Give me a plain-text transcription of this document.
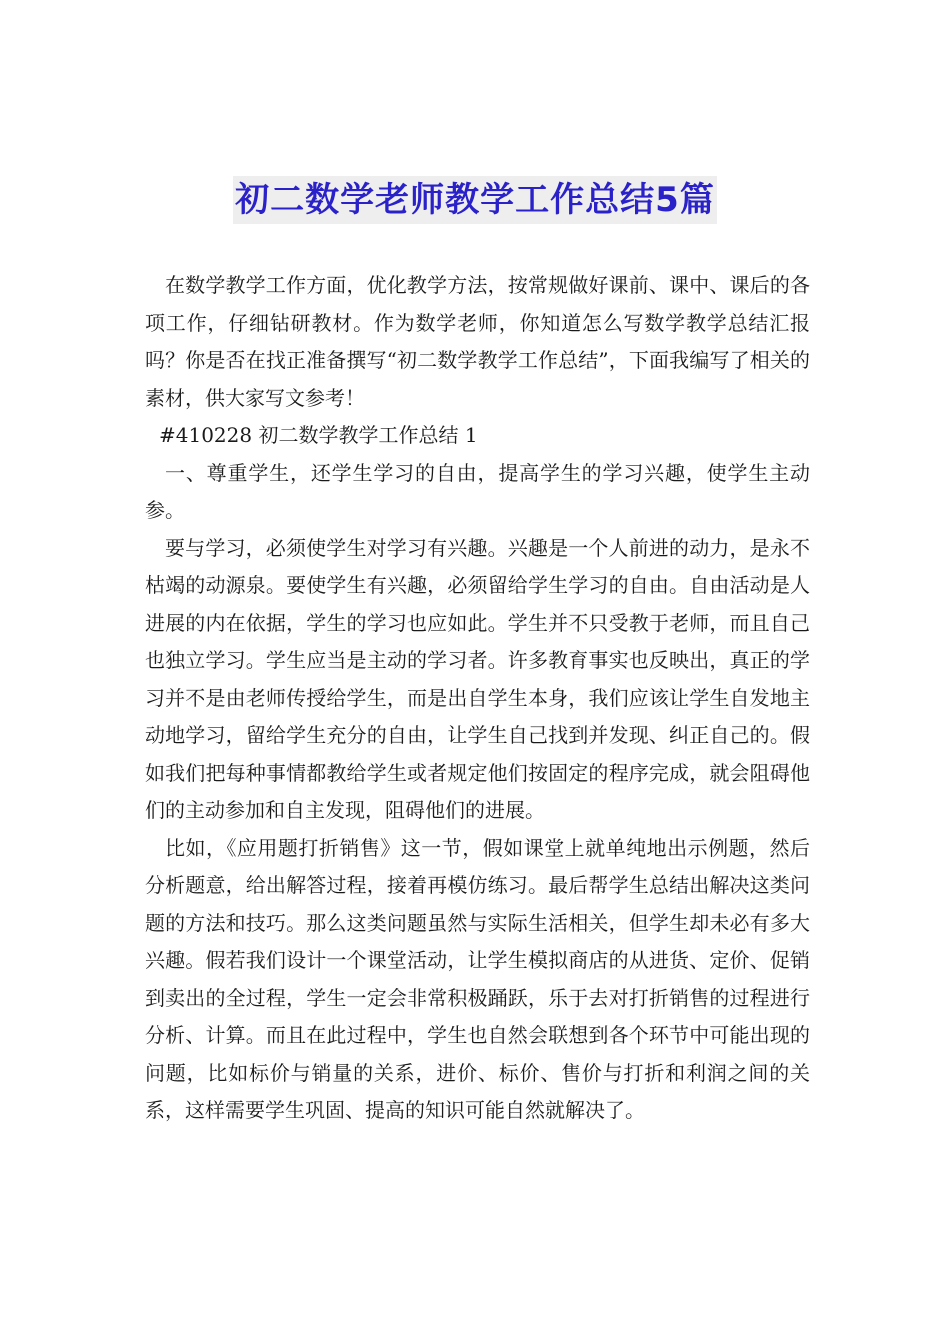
初二数学老师教学工作总结5篇

在数学教学工作方面，优化教学方法，按常规做好课前、课中、课后的各项工作，仔细钻研教材。作为数学老师，你知道怎么写数学教学总结汇报吗？你是否在找正准备撰写“初二数学教学工作总结”，下面我编写了相关的素材，供大家写文参考！

#410228 初二数学教学工作总结 1

一、尊重学生，还学生学习的自由，提高学生的学习兴趣，使学生主动参。

要与学习，必须使学生对学习有兴趣。兴趣是一个人前进的动力，是永不枯竭的动源泉。要使学生有兴趣，必须留给学生学习的自由。自由活动是人进展的内在依据，学生的学习也应如此。学生并不只受教于老师，而且自己也独立学习。学生应当是主动的学习者。许多教育事实也反映出，真正的学习并不是由老师传授给学生，而是出自学生本身，我们应该让学生自发地主动地学习，留给学生充分的自由，让学生自己找到并发现、纠正自己的。假如我们把每种事情都教给学生或者规定他们按固定的程序完成，就会阻碍他们的主动参加和自主发现，阻碍他们的进展。

比如，《应用题打折销售》这一节，假如课堂上就单纯地出示例题，然后分析题意，给出解答过程，接着再模仿练习。最后帮学生总结出解决这类问题的方法和技巧。那么这类问题虽然与实际生活相关，但学生却未必有多大兴趣。假若我们设计一个课堂活动，让学生模拟商店的从进货、定价、促销到卖出的全过程，学生一定会非常积极踊跃，乐于去对打折销售的过程进行分析、计算。而且在此过程中，学生也自然会联想到各个环节中可能出现的问题，比如标价与销量的关系，进价、标价、售价与打折和利润之间的关系，这样需要学生巩固、提高的知识可能自然就解决了。
